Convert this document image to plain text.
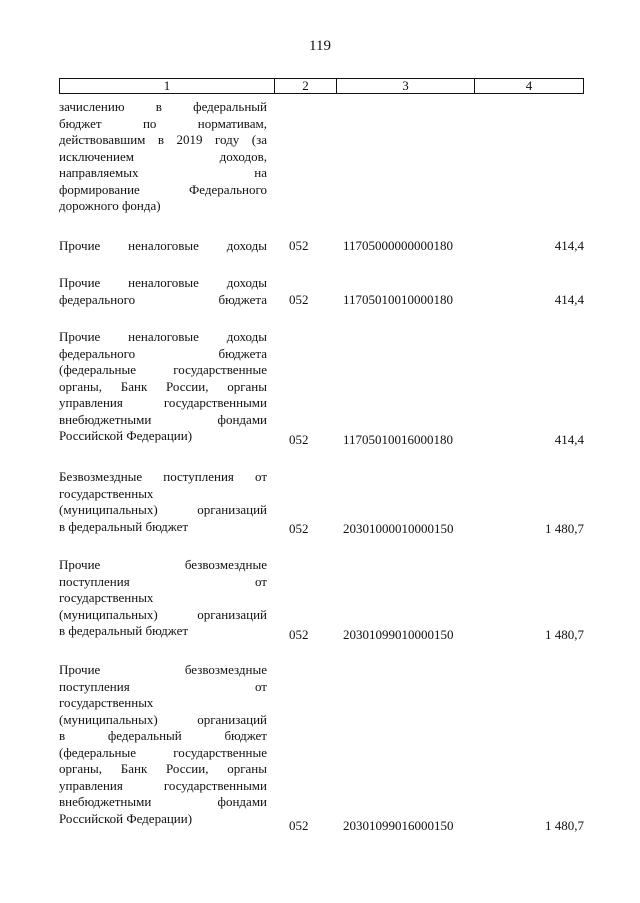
119
1	2	3	4
зачислению в федеральный
бюджет по нормативам,
действовавшим в 2019 году (за
исключением доходов,
направляемых на
формирование Федерального
дорожного фонда)
Прочие неналоговые доходы 052	11705000000000180	414,4
Прочие неналоговые доходы
федерального бюджета 052	11705010010000180	414,4
Прочие неналоговые доходы
федерального бюджета
(федеральные государственные
органы, Банк России, органы
управления государственными
внебюджетными фондами
Российской Федерации)	052	11705010016000180	414,4
Безвозмездные поступления от
государственных
(муниципальных) организаций
в федеральный бюджет	052	20301000010000150	1 480,7
Прочие безвозмездные
поступления от
государственных
(муниципальных) организаций
в федеральный бюджет	052	20301099010000150	1 480,7
Прочие безвозмездные
поступления от
государственных
(муниципальных) организаций
в федеральный бюджет
(федеральные государственные
органы, Банк России, органы
управления государственными
внебюджетными фондами
Российской Федерации)	052	20301099016000150	1 480,7
